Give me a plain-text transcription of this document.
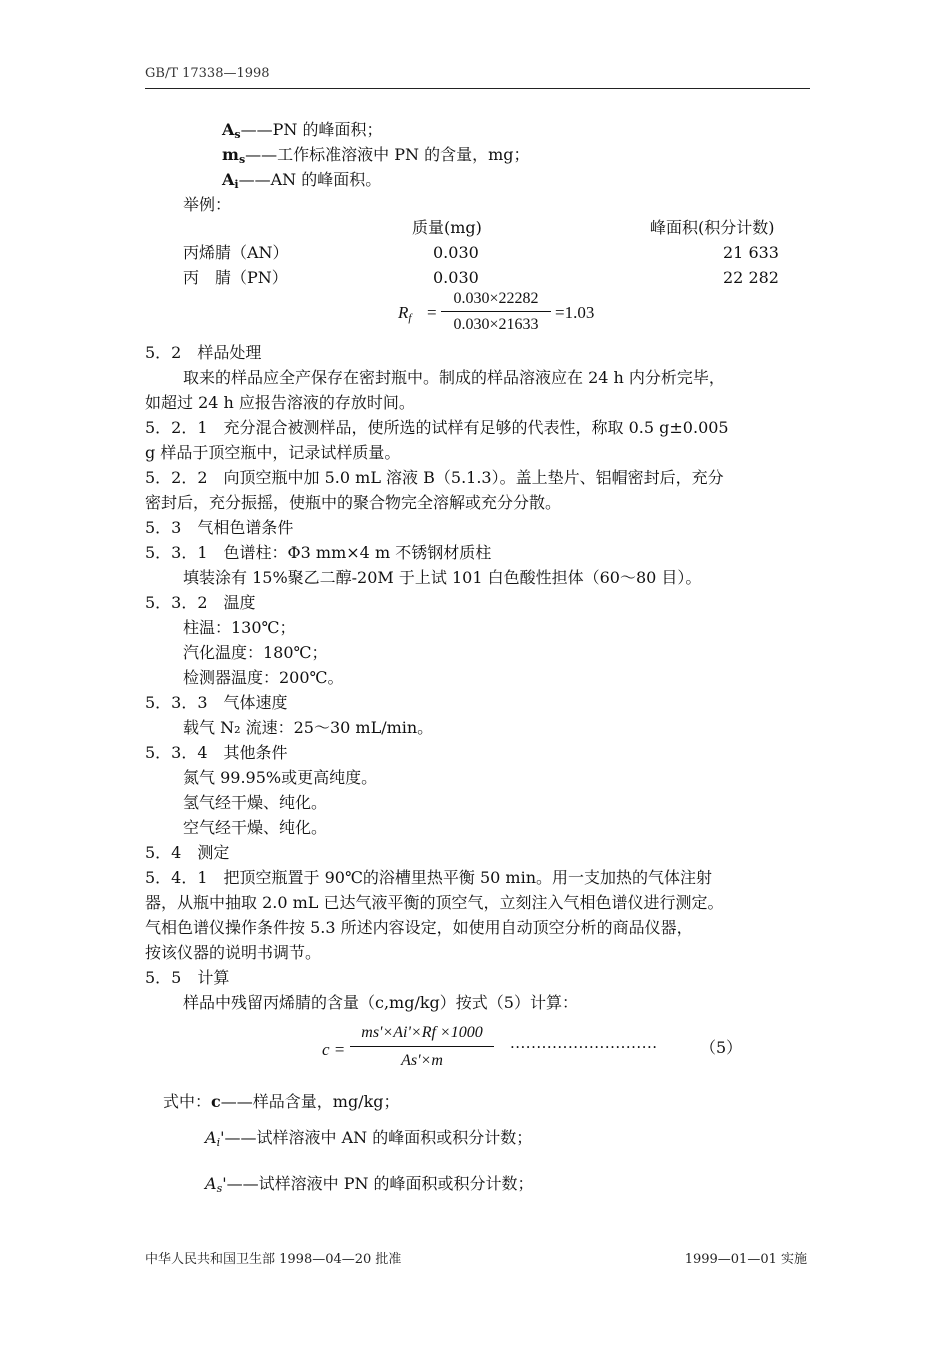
GB/T 17338—1998
$A_s——PN$ 的峰面积；
$m_s——$工作标准溶液中 PN 的含量，mg；
$A_i——AN$ 的峰面积。
举例：
质量(mg)	峰面积(积分计数)
丙烯腈（AN）	0.030	21 633
丙　腈（PN）	0.030	22 282
$R_f$ =
0.030×22282
0.030×21633
=1.03
5．2　样品处理
取来的样品应全产保存在密封瓶中。制成的样品溶液应在 24 h 内分析完毕，
如超过 24 h 应报告溶液的存放时间。
5．2．1　充分混合被测样品，使所选的试样有足够的代表性，称取 0.5 g±0.005
g 样品于顶空瓶中，记录试样质量。
5．2．2　向顶空瓶中加 5.0 mL 溶液 B（5.1.3）。盖上垫片、铝帽密封后，充分
密封后，充分振摇，使瓶中的聚合物完全溶解或充分分散。
5．3　气相色谱条件
5．3．1　色谱柱：Φ3 mm×4 m 不锈钢材质柱
填装涂有 15%聚乙二醇-20M 于上试 101 白色酸性担体（60～80 目）。
5．3．2　温度
柱温：130℃；
汽化温度：180℃；
检测器温度：200℃。
5．3．3　气体速度
载气 N₂ 流速：25～30 mL/min。
5．3．4　其他条件
氮气 99.95%或更高纯度。
氢气经干燥、纯化。
空气经干燥、纯化。
5．4　测定
5．4．1　把顶空瓶置于 90℃的浴槽里热平衡 50 min。用一支加热的气体注射
器，从瓶中抽取 2.0 mL 已达气液平衡的顶空气，立刻注入气相色谱仪进行测定。
气相色谱仪操作条件按 5.3 所述内容设定，如使用自动顶空分析的商品仪器，
按该仪器的说明书调节。
5．5　计算
样品中残留丙烯腈的含量（c,mg/kg）按式（5）计算：
c =
ms'×Ai'×Rf ×1000
As'×m
····························	（5）
式中：c——样品含量，mg/kg；
$A_i'——$试样溶液中 AN 的峰面积或积分计数；
$A_s'——$试样溶液中 PN 的峰面积或积分计数；
中华人民共和国卫生部 1998—04—20 批准	1999—01—01 实施
